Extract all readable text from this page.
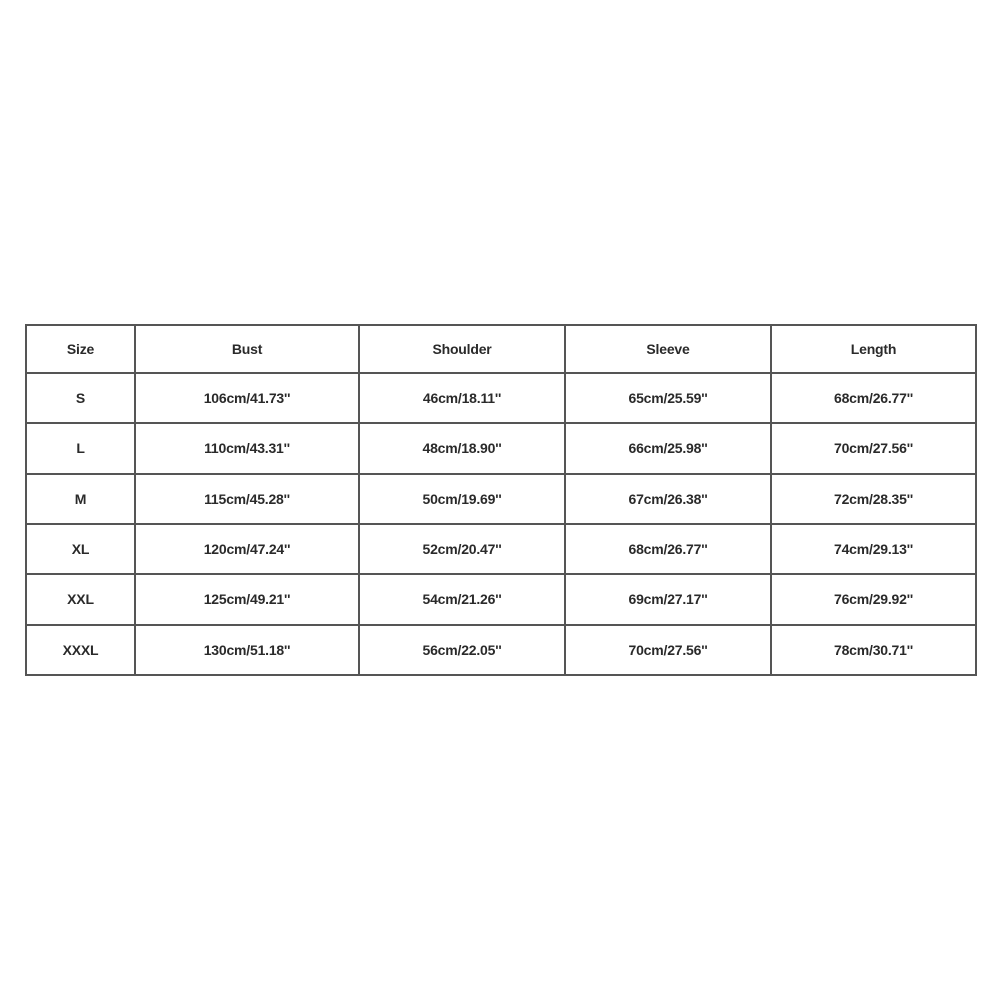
Size	Bust	Shoulder	Sleeve	Length
S	106cm/41.73''	46cm/18.11''	65cm/25.59''	68cm/26.77''
L	110cm/43.31''	48cm/18.90''	66cm/25.98''	70cm/27.56''
M	115cm/45.28''	50cm/19.69''	67cm/26.38''	72cm/28.35''
XL	120cm/47.24''	52cm/20.47''	68cm/26.77''	74cm/29.13''
XXL	125cm/49.21''	54cm/21.26''	69cm/27.17''	76cm/29.92''
XXXL	130cm/51.18''	56cm/22.05''	70cm/27.56''	78cm/30.71''
